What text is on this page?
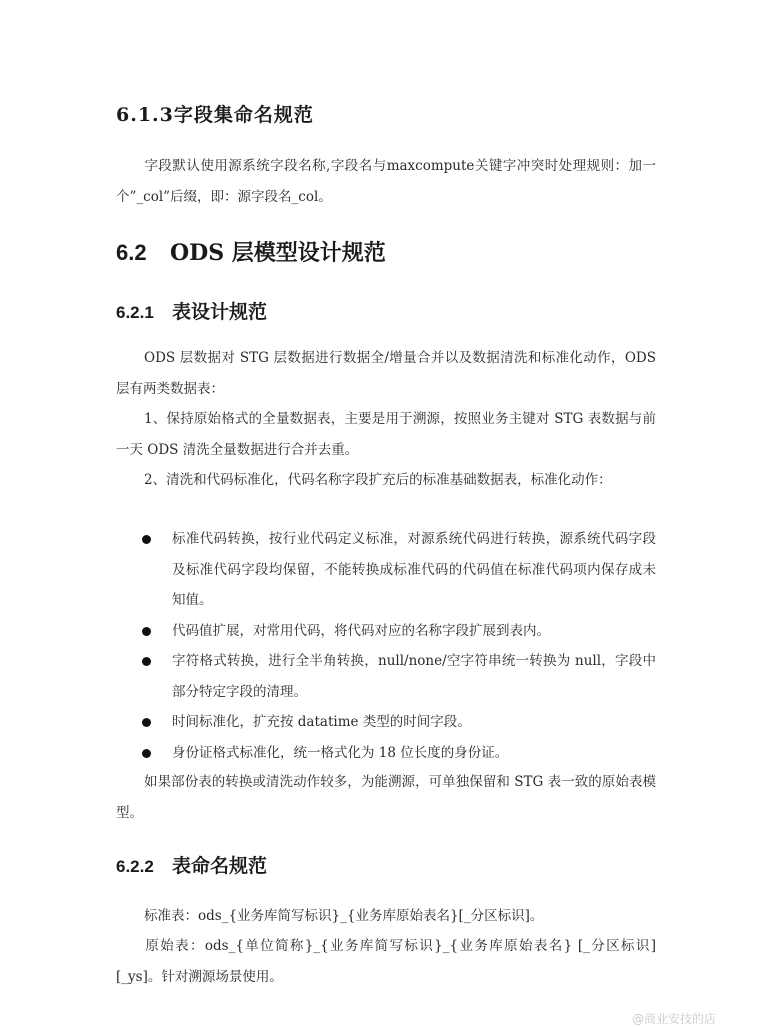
6.1.3字段集命名规范

字段默认使用源系统字段名称,字段名与maxcompute关键字冲突时处理规则：加一个”_col”后缀，即：源字段名_col。

6.2 ODS 层模型设计规范
6.2.1 表设计规范

ODS 层数据对 STG 层数据进行数据全/增量合并以及数据清洗和标准化动作，ODS 层有两类数据表：

1、保持原始格式的全量数据表，主要是用于溯源，按照业务主键对 STG 表数据与前一天 ODS 清洗全量数据进行合并去重。

2、清洗和代码标准化，代码名称字段扩充后的标准基础数据表，标准化动作：

标准代码转换，按行业代码定义标准，对源系统代码进行转换，源系统代码字段及标准代码字段均保留，不能转换成标准代码的代码值在标准代码项内保存成未知值。
代码值扩展，对常用代码，将代码对应的名称字段扩展到表内。
字符格式转换，进行全半角转换，null/none/空字符串统一转换为 null，字段中部分特定字段的清理。
时间标准化，扩充按 datatime 类型的时间字段。
身份证格式标准化，统一格式化为 18 位长度的身份证。

如果部份表的转换或清洗动作较多，为能溯源，可单独保留和 STG 表一致的原始表模型。

6.2.2 表命名规范

标准表：ods_{业务库简写标识}_{业务库原始表名}[_分区标识]。

原始表：ods_{单位简称}_{业务库简写标识}_{业务库原始表名} [_分区标识][_ys]。针对溯源场景使用。

@商业安技的店
